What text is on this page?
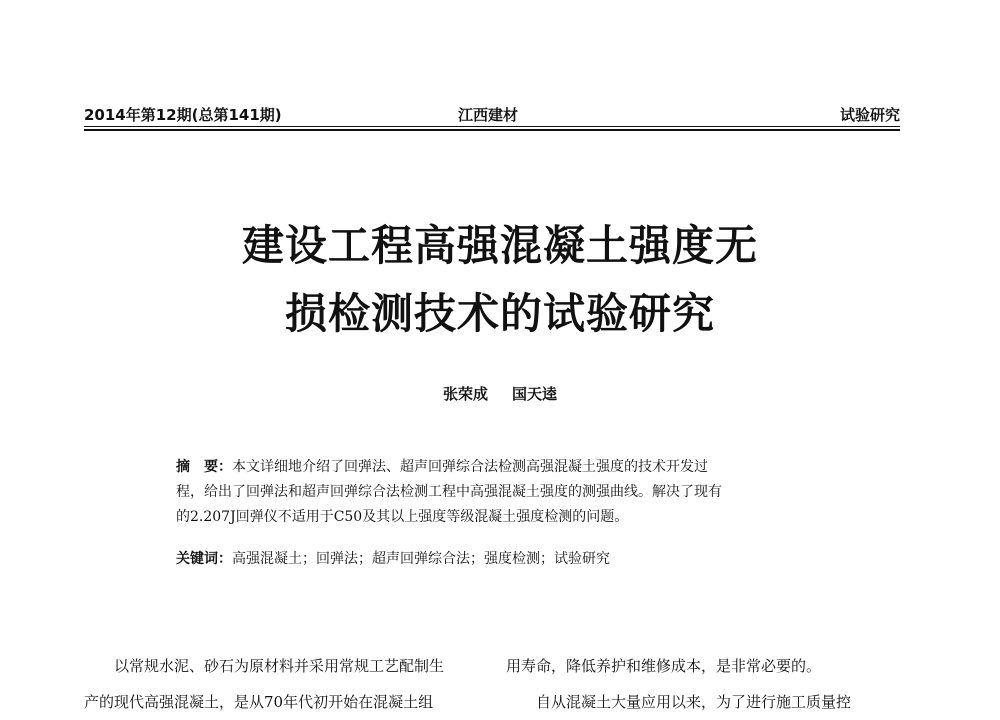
2014年第12期(总第141期)	江西建材	试验研究
建设工程高强混凝土强度无
损检测技术的试验研究
张荣成 国天逵
摘　要：本文详细地介绍了回弹法、超声回弹综合法检测高强混凝土强度的技术开发过
程，给出了回弹法和超声回弹综合法检测工程中高强混凝土强度的测强曲线。解决了现有
的2.207J回弹仪不适用于C50及其以上强度等级混凝土强度检测的问题。
关键词：高强混凝土；回弹法；超声回弹综合法；强度检测；试验研究
以常规水泥、砂石为原材料并采用常规工艺配制生
产的现代高强混凝土，是从70年代初开始在混凝土组
用寿命，降低养护和维修成本，是非常必要的。
自从混凝土大量应用以来，为了进行施工质量控
